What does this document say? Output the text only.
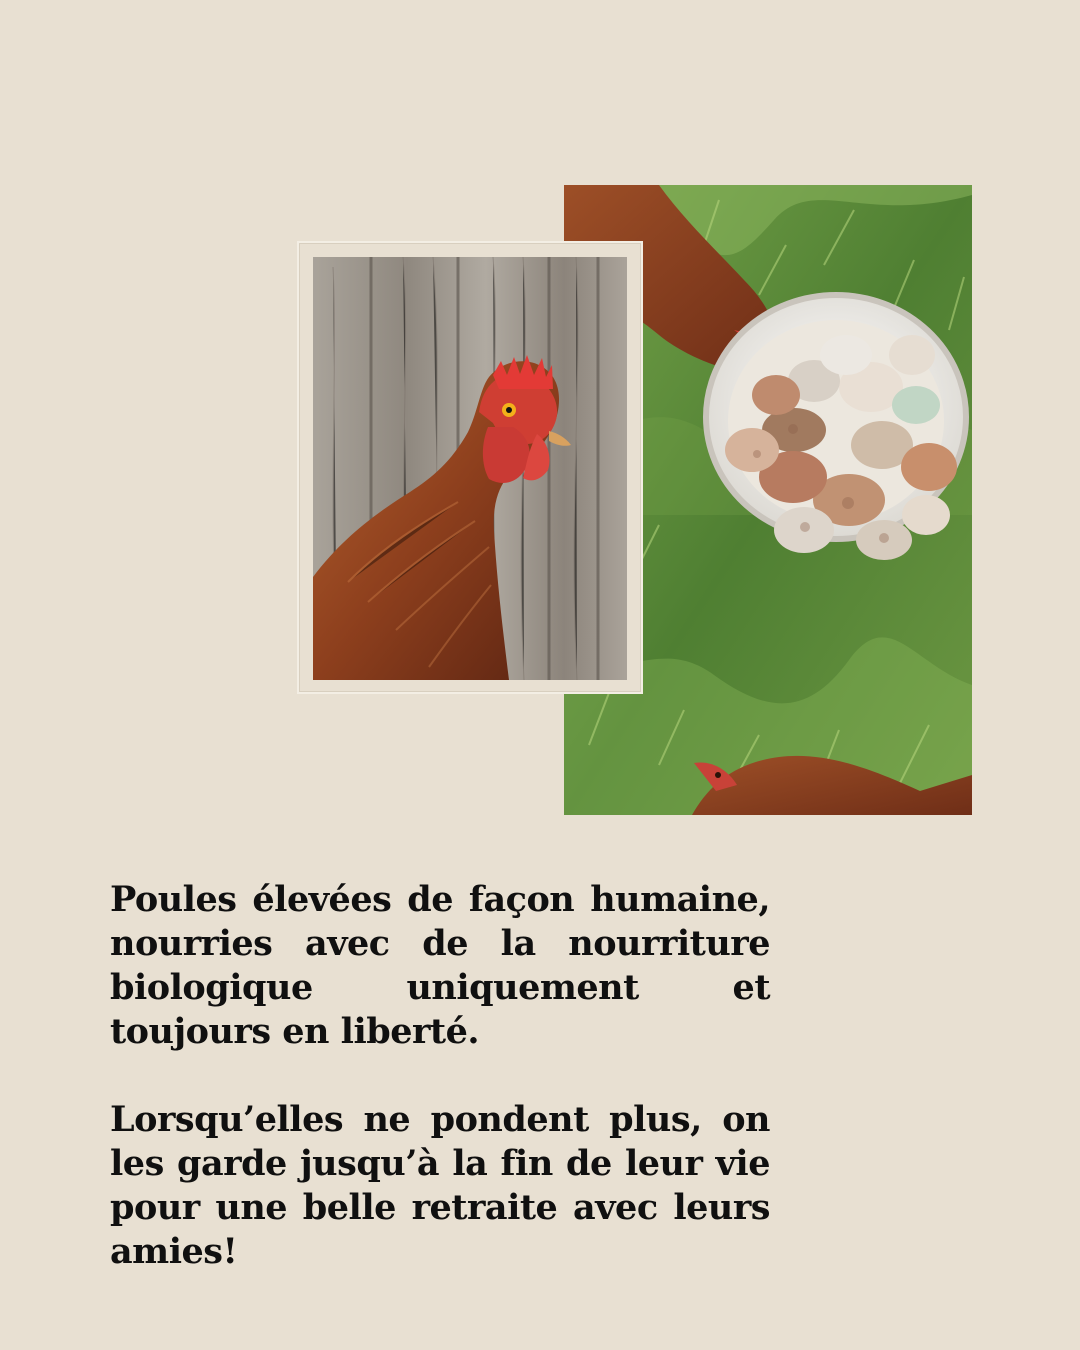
Poules élevées de façon humaine, nourries avec de la nourriture biologique uniquement et toujours en liberté.

Lorsqu’elles ne pondent plus, on les garde jusqu’à la fin de leur vie pour une belle retraite avec leurs amies!
